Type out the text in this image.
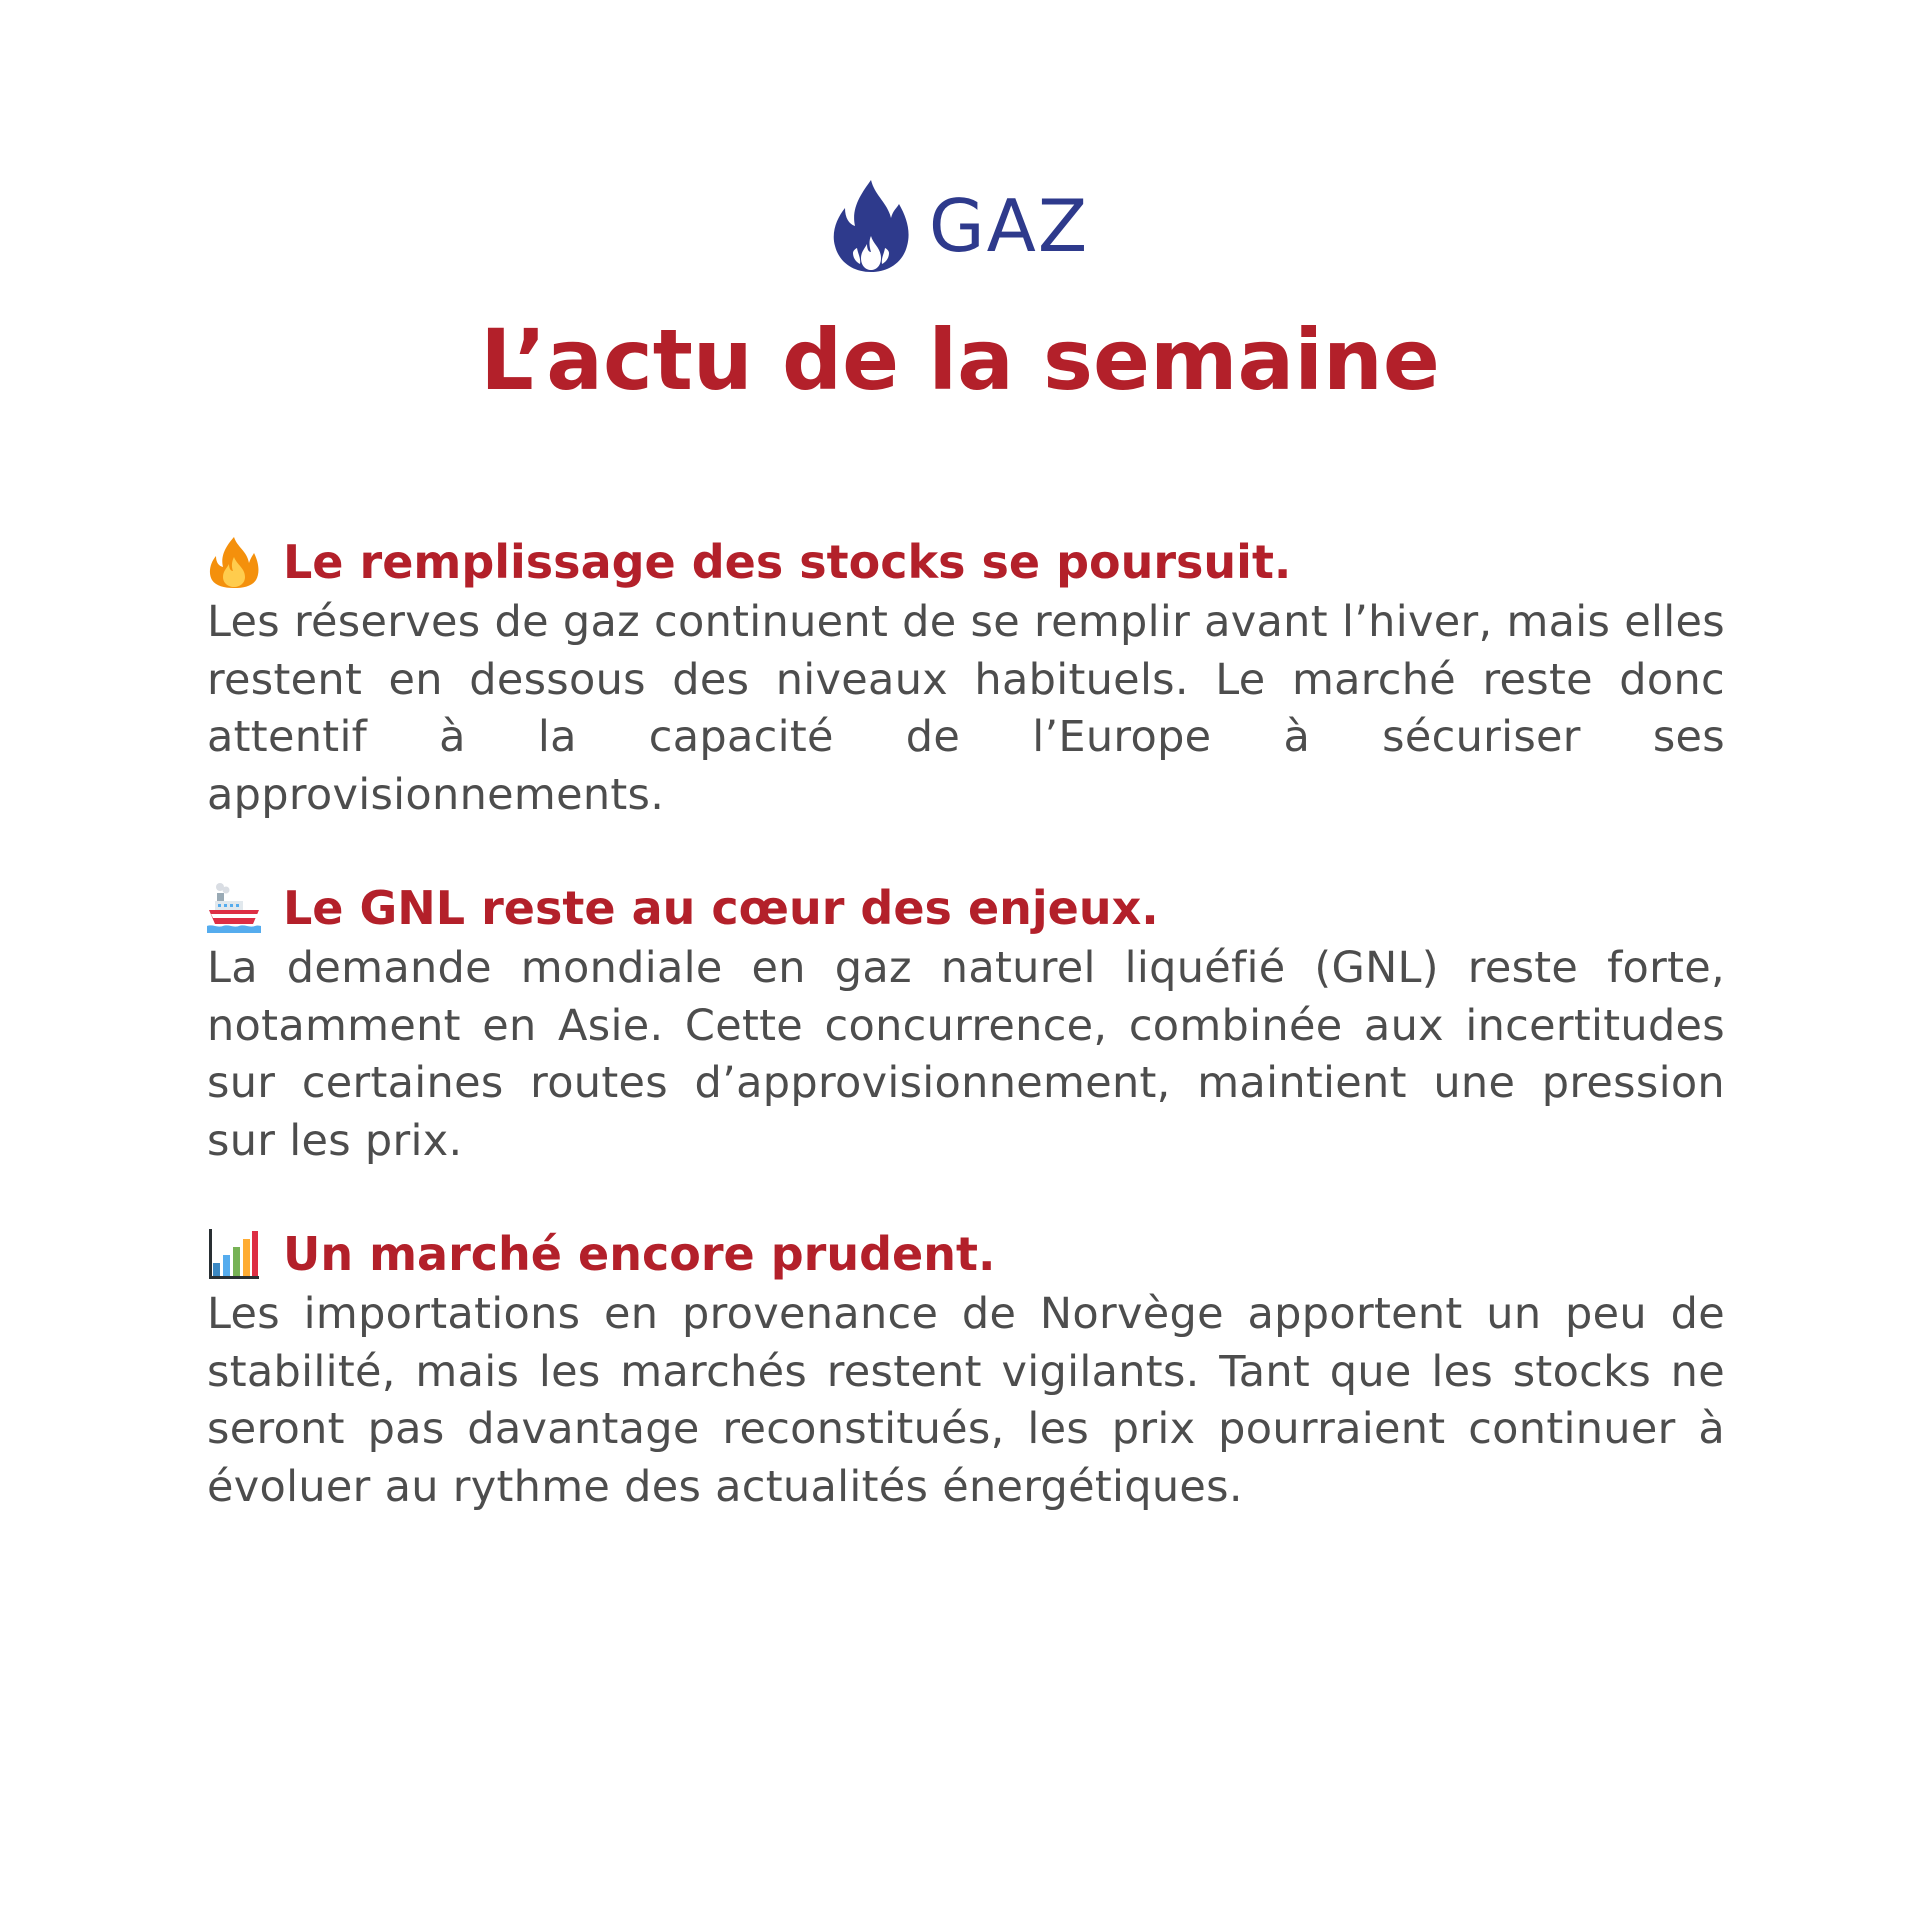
GAZ
L’actu de la semaine
Le remplissage des stocks se poursuit.

Les réserves de gaz continuent de se remplir avant l’hiver, mais elles restent en dessous des niveaux habituels. Le marché reste donc attentif à la capacité de l’Europe à sécuriser ses approvisionnements.

Le GNL reste au cœur des enjeux.

La demande mondiale en gaz naturel liquéfié (GNL) reste forte, notamment en Asie. Cette concurrence, combinée aux incertitudes sur certaines routes d’approvisionnement, maintient une pression sur les prix.

Un marché encore prudent.

Les importations en provenance de Norvège apportent un peu de stabilité, mais les marchés restent vigilants. Tant que les stocks ne seront pas davantage reconstitués, les prix pourraient continuer à évoluer au rythme des actualités énergétiques.
